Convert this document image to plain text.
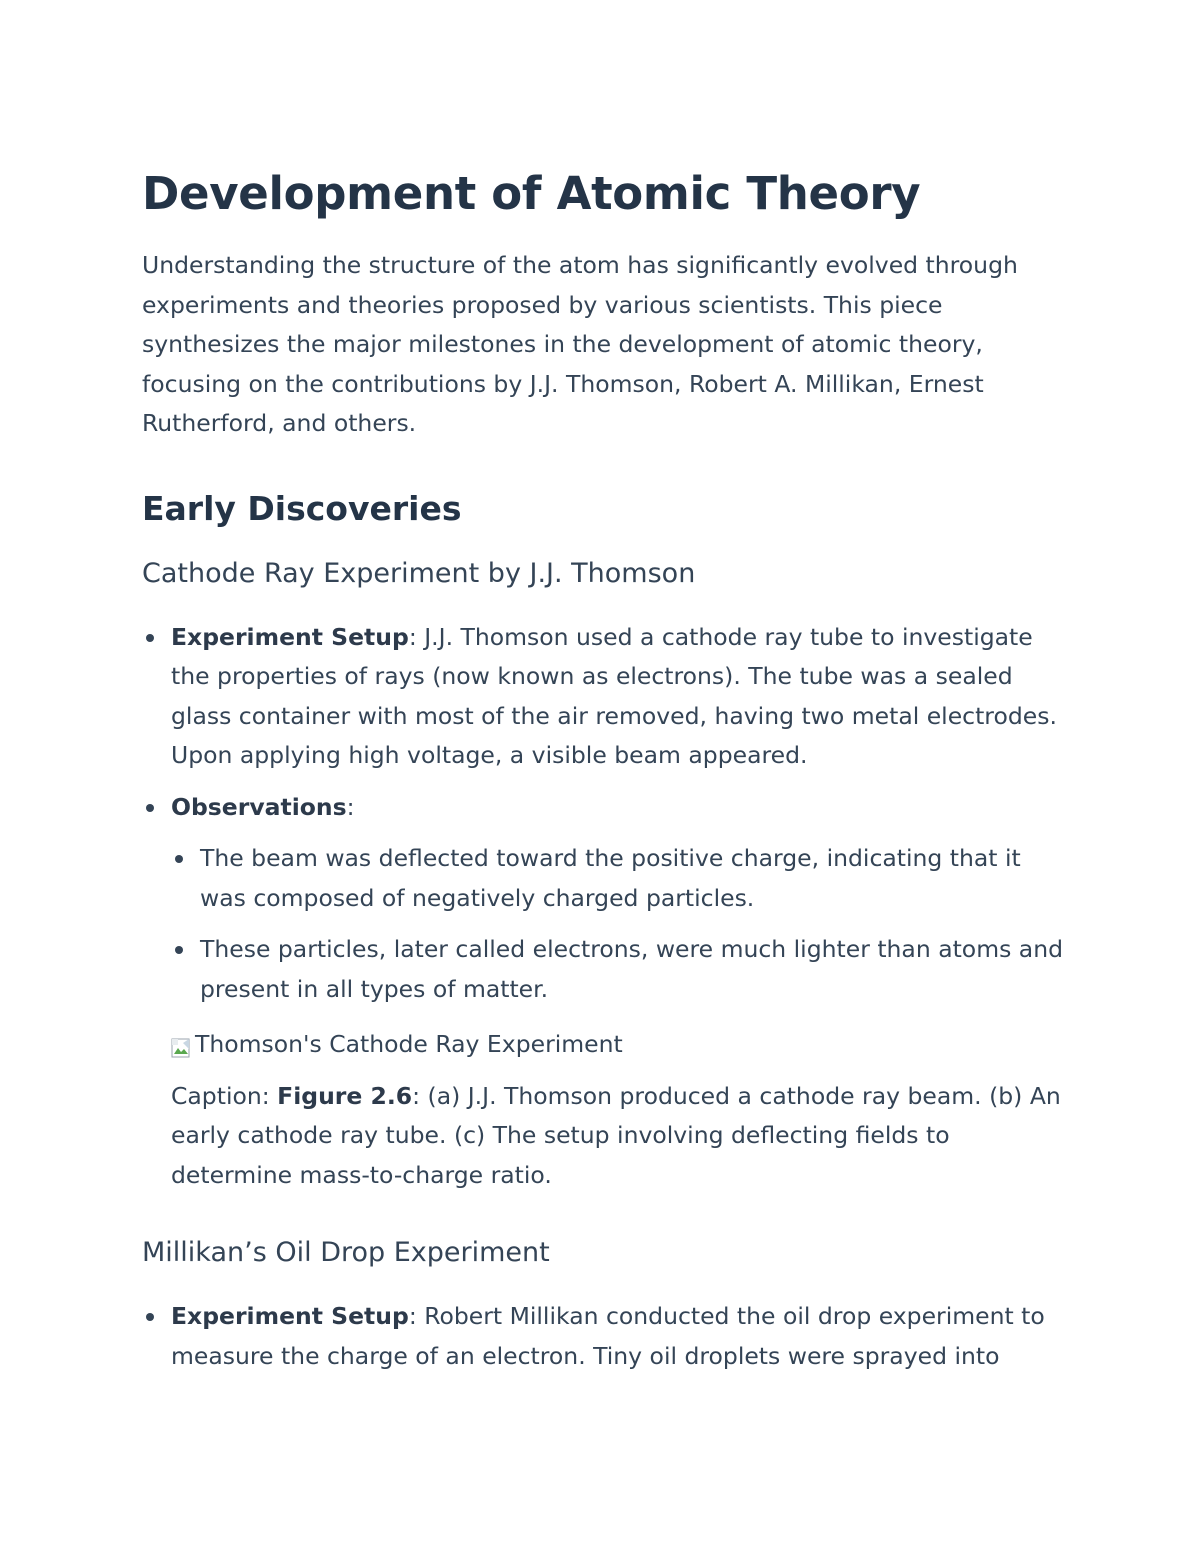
Development of Atomic Theory

Understanding the structure of the atom has significantly evolved through experiments and theories proposed by various scientists. This piece synthesizes the major milestones in the development of atomic theory, focusing on the contributions by J.J. Thomson, Robert A. Millikan, Ernest Rutherford, and others.

Early Discoveries
Cathode Ray Experiment by J.J. Thomson
Experiment Setup: J.J. Thomson used a cathode ray tube to investigate the properties of rays (now known as electrons). The tube was a sealed glass container with most of the air removed, having two metal electrodes. Upon applying high voltage, a visible beam appeared.
Observations:
The beam was deflected toward the positive charge, indicating that it was composed of negatively charged particles.
These particles, later called electrons, were much lighter than atoms and present in all types of matter.
Thomson's Cathode Ray Experiment
Caption: Figure 2.6: (a) J.J. Thomson produced a cathode ray beam. (b) An early cathode ray tube. (c) The setup involving deflecting fields to determine mass-to-charge ratio.
Millikan’s Oil Drop Experiment
Experiment Setup: Robert Millikan conducted the oil drop experiment to measure the charge of an electron. Tiny oil droplets were sprayed into
